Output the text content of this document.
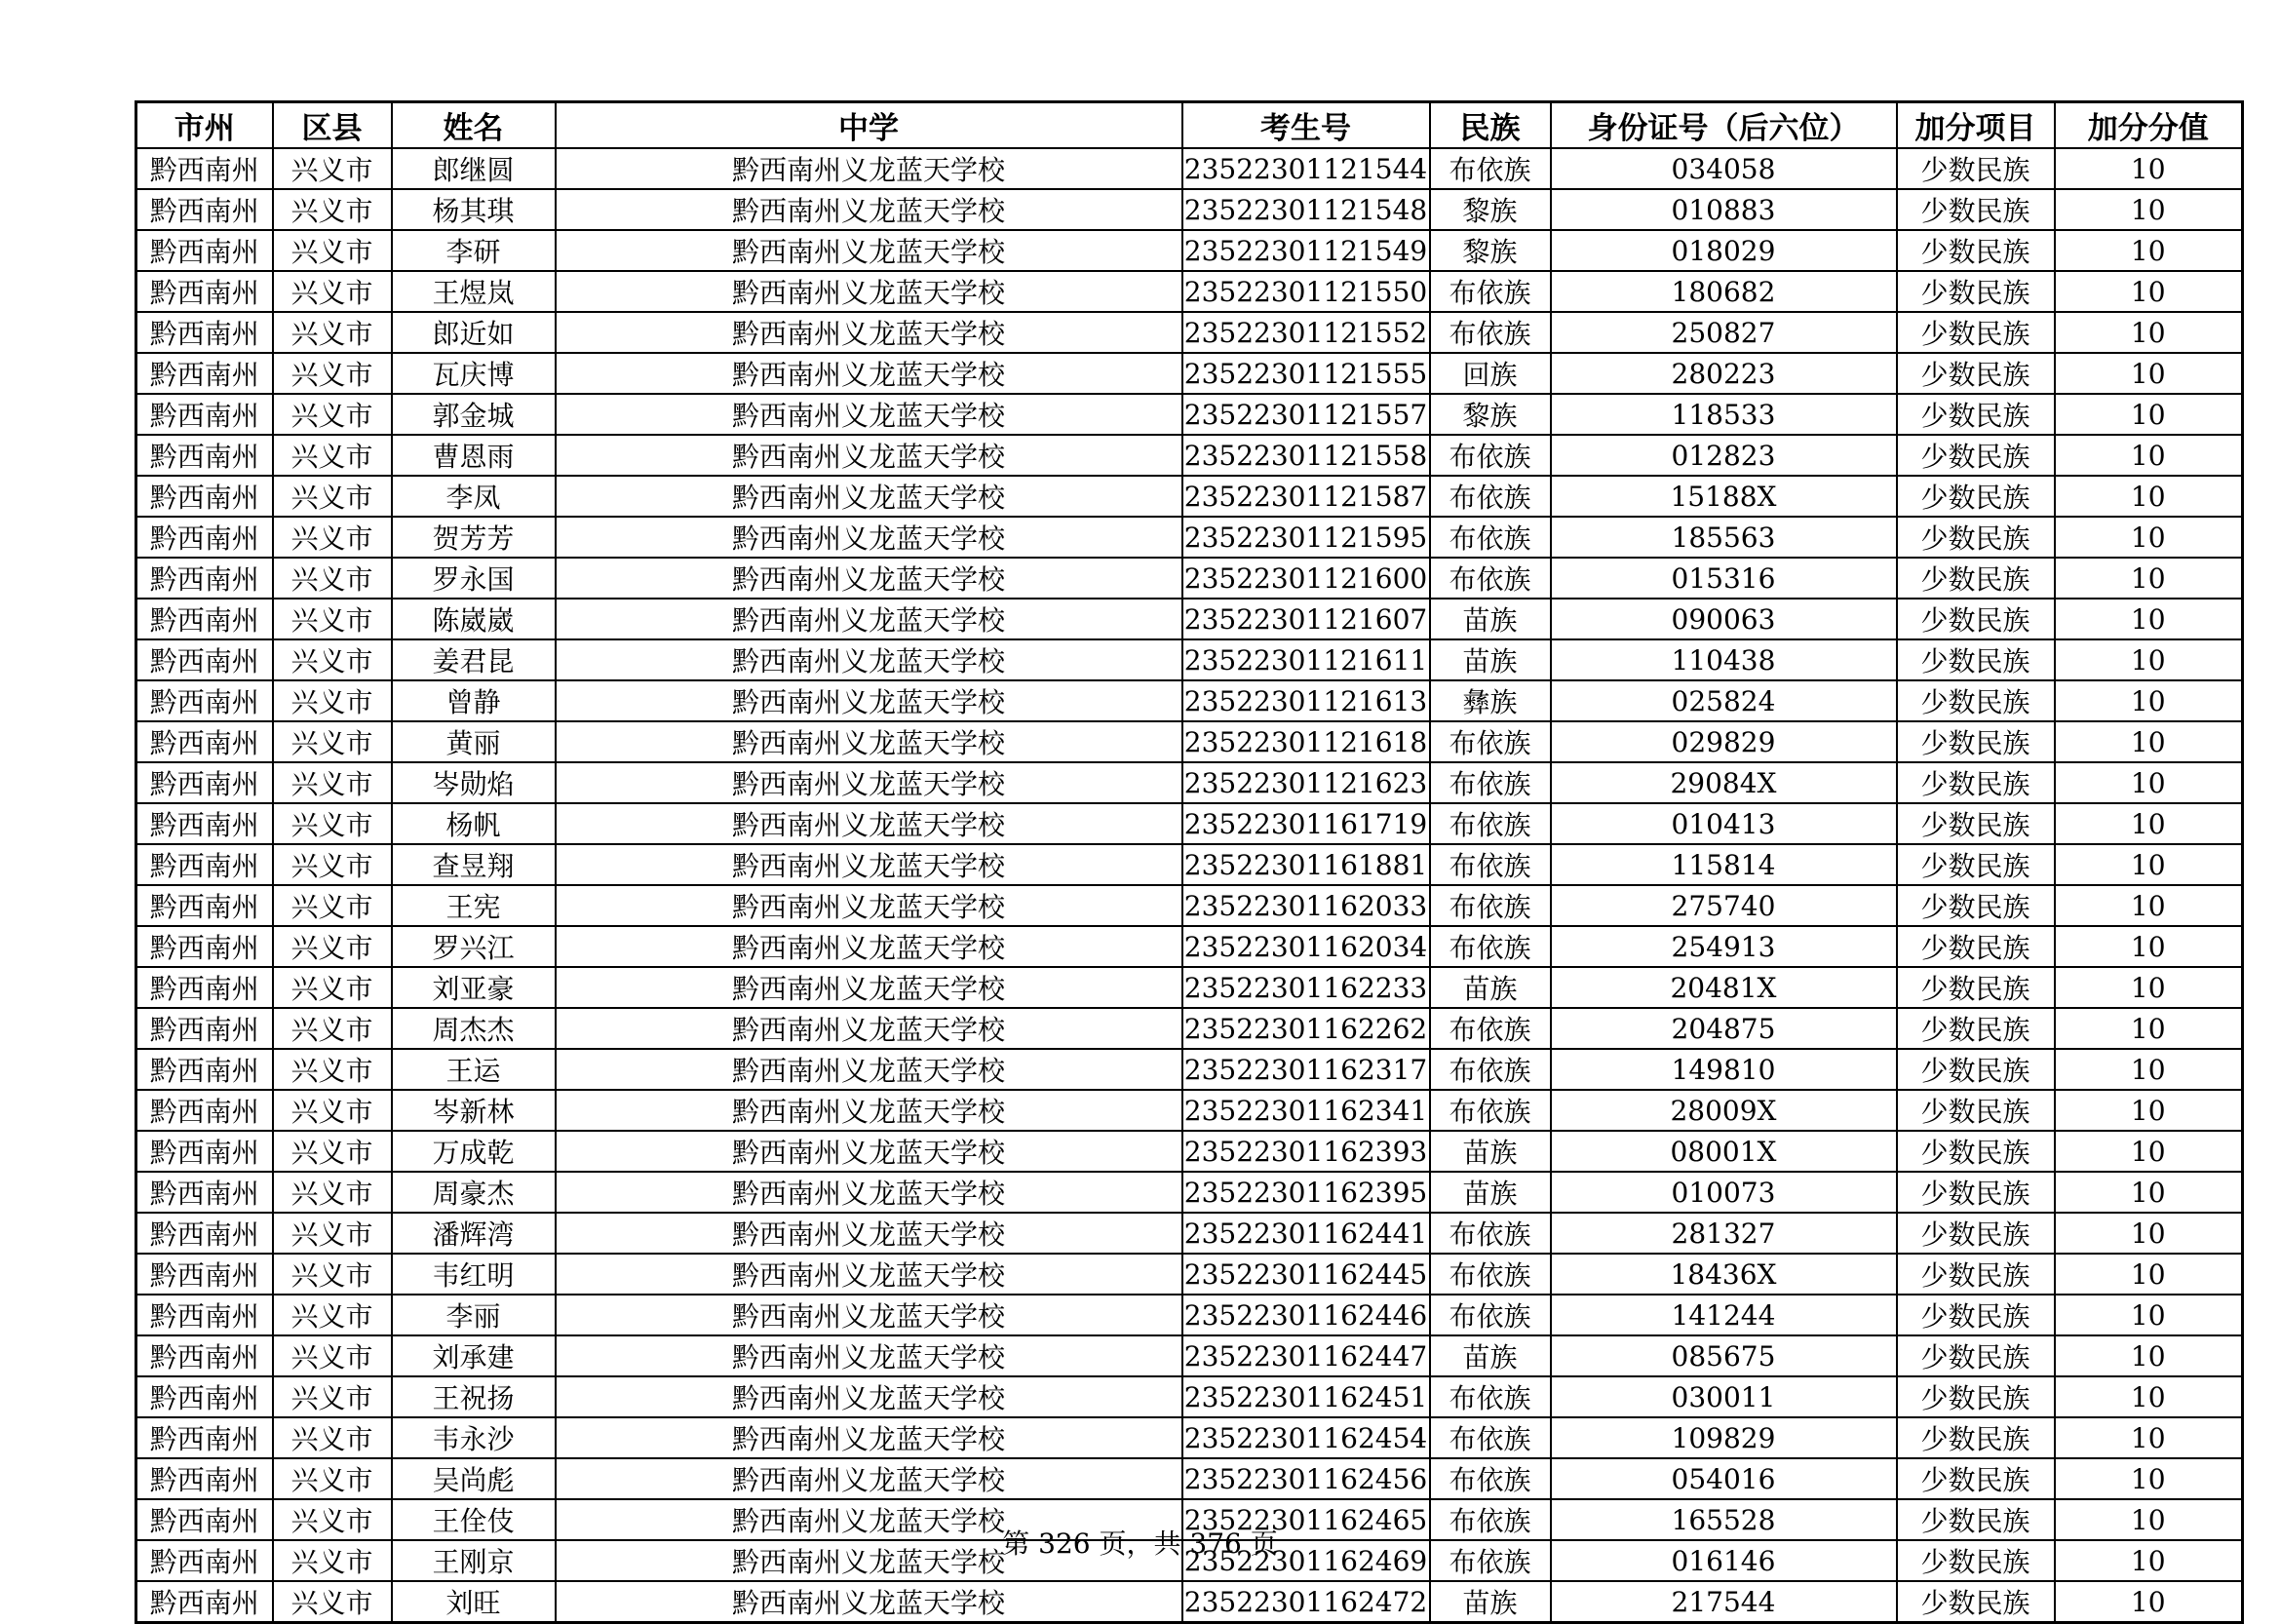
市州	区县	姓名	中学	考生号	民族	身份证号（后六位）	加分项目	加分分值
黔西南州	兴义市	郎继圆	黔西南州义龙蓝天学校	23522301121544	布依族	034058	少数民族	10
黔西南州	兴义市	杨其琪	黔西南州义龙蓝天学校	23522301121548	黎族	010883	少数民族	10
黔西南州	兴义市	李研	黔西南州义龙蓝天学校	23522301121549	黎族	018029	少数民族	10
黔西南州	兴义市	王煜岚	黔西南州义龙蓝天学校	23522301121550	布依族	180682	少数民族	10
黔西南州	兴义市	郎近如	黔西南州义龙蓝天学校	23522301121552	布依族	250827	少数民族	10
黔西南州	兴义市	瓦庆博	黔西南州义龙蓝天学校	23522301121555	回族	280223	少数民族	10
黔西南州	兴义市	郭金城	黔西南州义龙蓝天学校	23522301121557	黎族	118533	少数民族	10
黔西南州	兴义市	曹恩雨	黔西南州义龙蓝天学校	23522301121558	布依族	012823	少数民族	10
黔西南州	兴义市	李凤	黔西南州义龙蓝天学校	23522301121587	布依族	15188X	少数民族	10
黔西南州	兴义市	贺芳芳	黔西南州义龙蓝天学校	23522301121595	布依族	185563	少数民族	10
黔西南州	兴义市	罗永国	黔西南州义龙蓝天学校	23522301121600	布依族	015316	少数民族	10
黔西南州	兴义市	陈崴崴	黔西南州义龙蓝天学校	23522301121607	苗族	090063	少数民族	10
黔西南州	兴义市	姜君昆	黔西南州义龙蓝天学校	23522301121611	苗族	110438	少数民族	10
黔西南州	兴义市	曾静	黔西南州义龙蓝天学校	23522301121613	彝族	025824	少数民族	10
黔西南州	兴义市	黄丽	黔西南州义龙蓝天学校	23522301121618	布依族	029829	少数民族	10
黔西南州	兴义市	岑勋焰	黔西南州义龙蓝天学校	23522301121623	布依族	29084X	少数民族	10
黔西南州	兴义市	杨帆	黔西南州义龙蓝天学校	23522301161719	布依族	010413	少数民族	10
黔西南州	兴义市	查昱翔	黔西南州义龙蓝天学校	23522301161881	布依族	115814	少数民族	10
黔西南州	兴义市	王宪	黔西南州义龙蓝天学校	23522301162033	布依族	275740	少数民族	10
黔西南州	兴义市	罗兴江	黔西南州义龙蓝天学校	23522301162034	布依族	254913	少数民族	10
黔西南州	兴义市	刘亚豪	黔西南州义龙蓝天学校	23522301162233	苗族	20481X	少数民族	10
黔西南州	兴义市	周杰杰	黔西南州义龙蓝天学校	23522301162262	布依族	204875	少数民族	10
黔西南州	兴义市	王运	黔西南州义龙蓝天学校	23522301162317	布依族	149810	少数民族	10
黔西南州	兴义市	岑新林	黔西南州义龙蓝天学校	23522301162341	布依族	28009X	少数民族	10
黔西南州	兴义市	万成乾	黔西南州义龙蓝天学校	23522301162393	苗族	08001X	少数民族	10
黔西南州	兴义市	周豪杰	黔西南州义龙蓝天学校	23522301162395	苗族	010073	少数民族	10
黔西南州	兴义市	潘辉湾	黔西南州义龙蓝天学校	23522301162441	布依族	281327	少数民族	10
黔西南州	兴义市	韦红明	黔西南州义龙蓝天学校	23522301162445	布依族	18436X	少数民族	10
黔西南州	兴义市	李丽	黔西南州义龙蓝天学校	23522301162446	布依族	141244	少数民族	10
黔西南州	兴义市	刘承建	黔西南州义龙蓝天学校	23522301162447	苗族	085675	少数民族	10
黔西南州	兴义市	王祝扬	黔西南州义龙蓝天学校	23522301162451	布依族	030011	少数民族	10
黔西南州	兴义市	韦永沙	黔西南州义龙蓝天学校	23522301162454	布依族	109829	少数民族	10
黔西南州	兴义市	吴尚彪	黔西南州义龙蓝天学校	23522301162456	布依族	054016	少数民族	10
黔西南州	兴义市	王佺伎	黔西南州义龙蓝天学校	23522301162465	布依族	165528	少数民族	10
黔西南州	兴义市	王刚京	黔西南州义龙蓝天学校	23522301162469	布依族	016146	少数民族	10
黔西南州	兴义市	刘旺	黔西南州义龙蓝天学校	23522301162472	苗族	217544	少数民族	10
第 326 页，共 376 页
